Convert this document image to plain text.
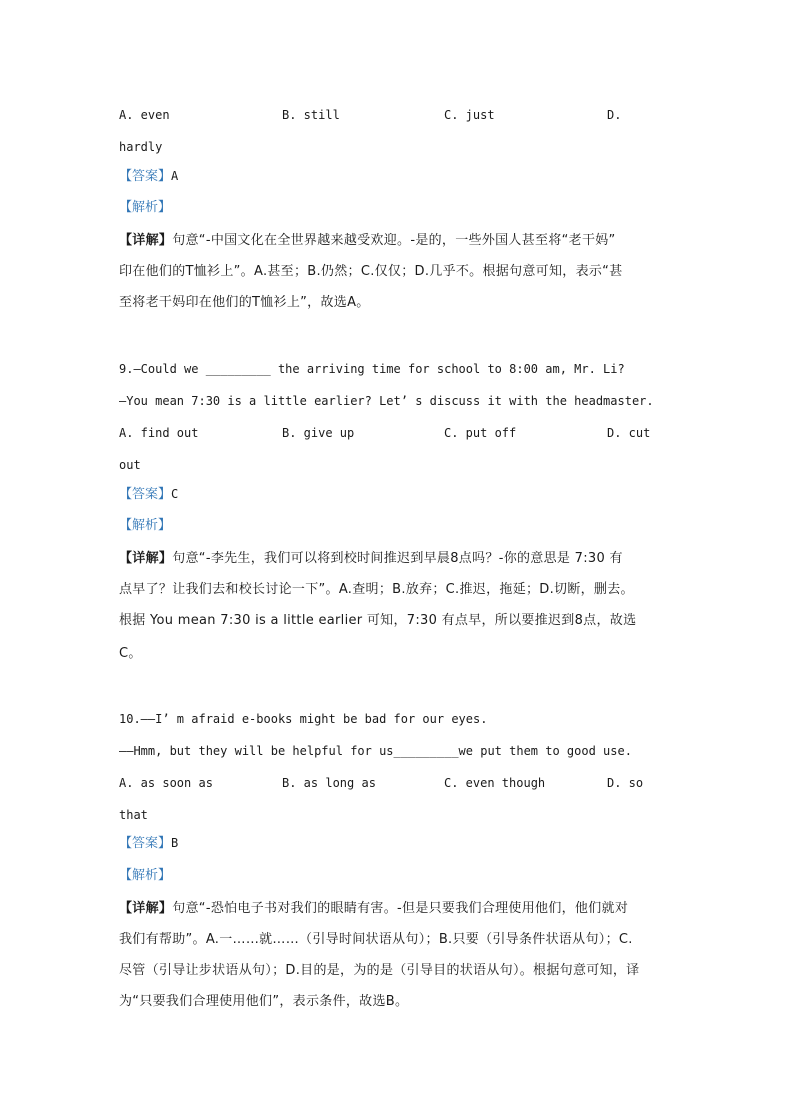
A. even	B. still	C. just	D.
hardly
【答案】A
【解析】
【详解】句意“-中国文化在全世界越来越受欢迎。-是的，一些外国人甚至将“老干妈”
印在他们的T恤衫上”。A.甚至；B.仍然；C.仅仅；D.几乎不。根据句意可知，表示“甚
至将老干妈印在他们的T恤衫上”，故选A。
9.—Could we _________ the arriving time for school to 8:00 am, Mr. Li?
—You mean 7:30 is a little earlier? Let’ s discuss it with the headmaster.
A. find out	B. give up	C. put off	D. cut
out
【答案】C
【解析】
【详解】句意“-李先生，我们可以将到校时间推迟到早晨8点吗？-你的意思是 7:30 有
点早了？让我们去和校长讨论一下”。A.查明；B.放弃；C.推迟，拖延；D.切断，删去。
根据 You mean 7:30 is a little earlier 可知，7:30 有点早，所以要推迟到8点，故选
C。
10.——I’ m afraid e-books might be bad for our eyes.
——Hmm, but they will be helpful for us_________we put them to good use.
A. as soon as	B. as long as	C. even though	D. so
that
【答案】B
【解析】
【详解】句意“-恐怕电子书对我们的眼睛有害。-但是只要我们合理使用他们，他们就对
我们有帮助”。A.一……就……（引导时间状语从句）；B.只要（引导条件状语从句）；C.
尽管（引导让步状语从句）；D.目的是，为的是（引导目的状语从句）。根据句意可知，译
为“只要我们合理使用他们”，表示条件，故选B。
